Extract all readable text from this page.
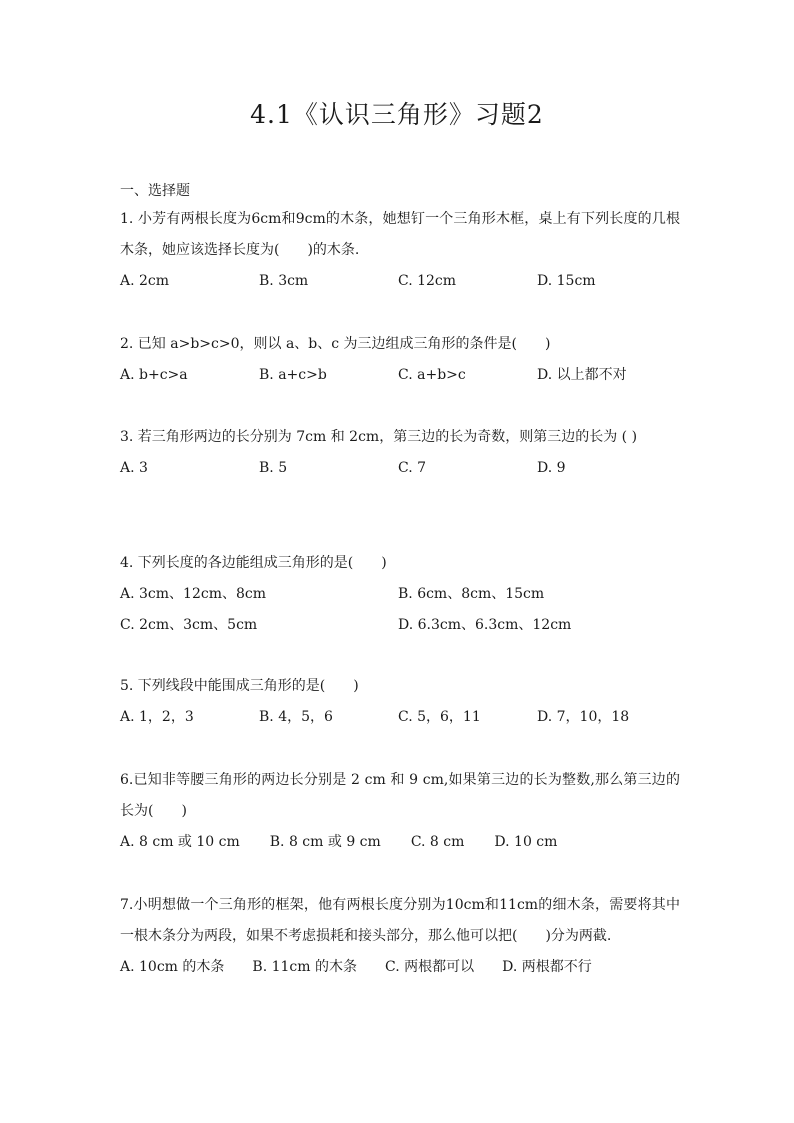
4.1《认识三角形》习题2
一、选择题
1. 小芳有两根长度为6cm和9cm的木条，她想钉一个三角形木框，桌上有下列长度的几根木条，她应该选择长度为(　　)的木条.
A. 2cm	B. 3cm	C. 12cm	D. 15cm
2. 已知 a>b>c>0，则以 a、b、c 为三边组成三角形的条件是(　　)
A. b+c>a	B. a+c>b	C. a+b>c	D. 以上都不对
3. 若三角形两边的长分别为 7cm 和 2cm，第三边的长为奇数，则第三边的长为 ( )
A. 3	B. 5	C. 7	D. 9
4. 下列长度的各边能组成三角形的是(　　)
A. 3cm、12cm、8cm	B. 6cm、8cm、15cm
C. 2cm、3cm、5cm	D. 6.3cm、6.3cm、12cm
5. 下列线段中能围成三角形的是(　　)
A. 1，2，3	B. 4，5，6	C. 5，6，11	D. 7，10，18
6.已知非等腰三角形的两边长分别是 2 cm 和 9 cm,如果第三边的长为整数,那么第三边的长为(　　)
A. 8 cm 或 10 cm B. 8 cm 或 9 cm C. 8 cm D. 10 cm
7.小明想做一个三角形的框架，他有两根长度分别为10cm和11cm的细木条，需要将其中一根木条分为两段，如果不考虑损耗和接头部分，那么他可以把(　　)分为两截.
A. 10cm 的木条 B. 11cm 的木条 C. 两根都可以 D. 两根都不行
